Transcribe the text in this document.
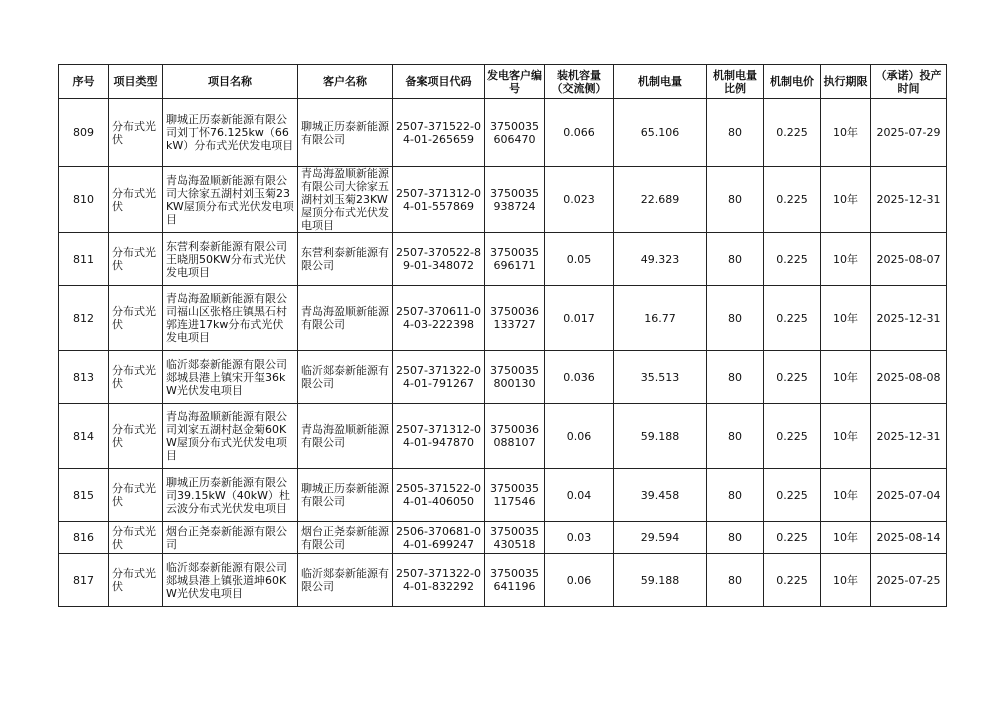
序号	项目类型	项目名称	客户名称	备案项目代码	发电客户编号	装机容量（交流侧）	机制电量	机制电量比例	机制电价	执行期限	（承诺）投产时间
809	分布式光伏	聊城正历泰新能源有限公司刘丁怀76.125kw（66kW）分布式光伏发电项目	聊城正历泰新能源有限公司	2507-371522-04-01-265659	3750035606470	0.066	65.106	80	0.225	10年	2025-07-29
810	分布式光伏	青岛海盈顺新能源有限公司大徐家五湖村刘玉菊23KW屋顶分布式光伏发电项目	青岛海盈顺新能源有限公司大徐家五湖村刘玉菊23KW屋顶分布式光伏发电项目	2507-371312-04-01-557869	3750035938724	0.023	22.689	80	0.225	10年	2025-12-31
811	分布式光伏	东营利泰新能源有限公司王晓朋50KW分布式光伏发电项目	东营利泰新能源有限公司	2507-370522-89-01-348072	3750035696171	0.05	49.323	80	0.225	10年	2025-08-07
812	分布式光伏	青岛海盈顺新能源有限公司福山区张格庄镇黑石村郭连进17kw分布式光伏发电项目	青岛海盈顺新能源有限公司	2507-370611-04-03-222398	3750036133727	0.017	16.77	80	0.225	10年	2025-12-31
813	分布式光伏	临沂郯泰新能源有限公司郯城县港上镇宋开玺36kW光伏发电项目	临沂郯泰新能源有限公司	2507-371322-04-01-791267	3750035800130	0.036	35.513	80	0.225	10年	2025-08-08
814	分布式光伏	青岛海盈顺新能源有限公司刘家五湖村赵金菊60KW屋顶分布式光伏发电项目	青岛海盈顺新能源有限公司	2507-371312-04-01-947870	3750036088107	0.06	59.188	80	0.225	10年	2025-12-31
815	分布式光伏	聊城正历泰新能源有限公司39.15kW（40kW）杜云波分布式光伏发电项目	聊城正历泰新能源有限公司	2505-371522-04-01-406050	3750035117546	0.04	39.458	80	0.225	10年	2025-07-04
816	分布式光伏	烟台正尧泰新能源有限公司	烟台正尧泰新能源有限公司	2506-370681-04-01-699247	3750035430518	0.03	29.594	80	0.225	10年	2025-08-14
817	分布式光伏	临沂郯泰新能源有限公司郯城县港上镇张道坤60KW光伏发电项目	临沂郯泰新能源有限公司	2507-371322-04-01-832292	3750035641196	0.06	59.188	80	0.225	10年	2025-07-25
